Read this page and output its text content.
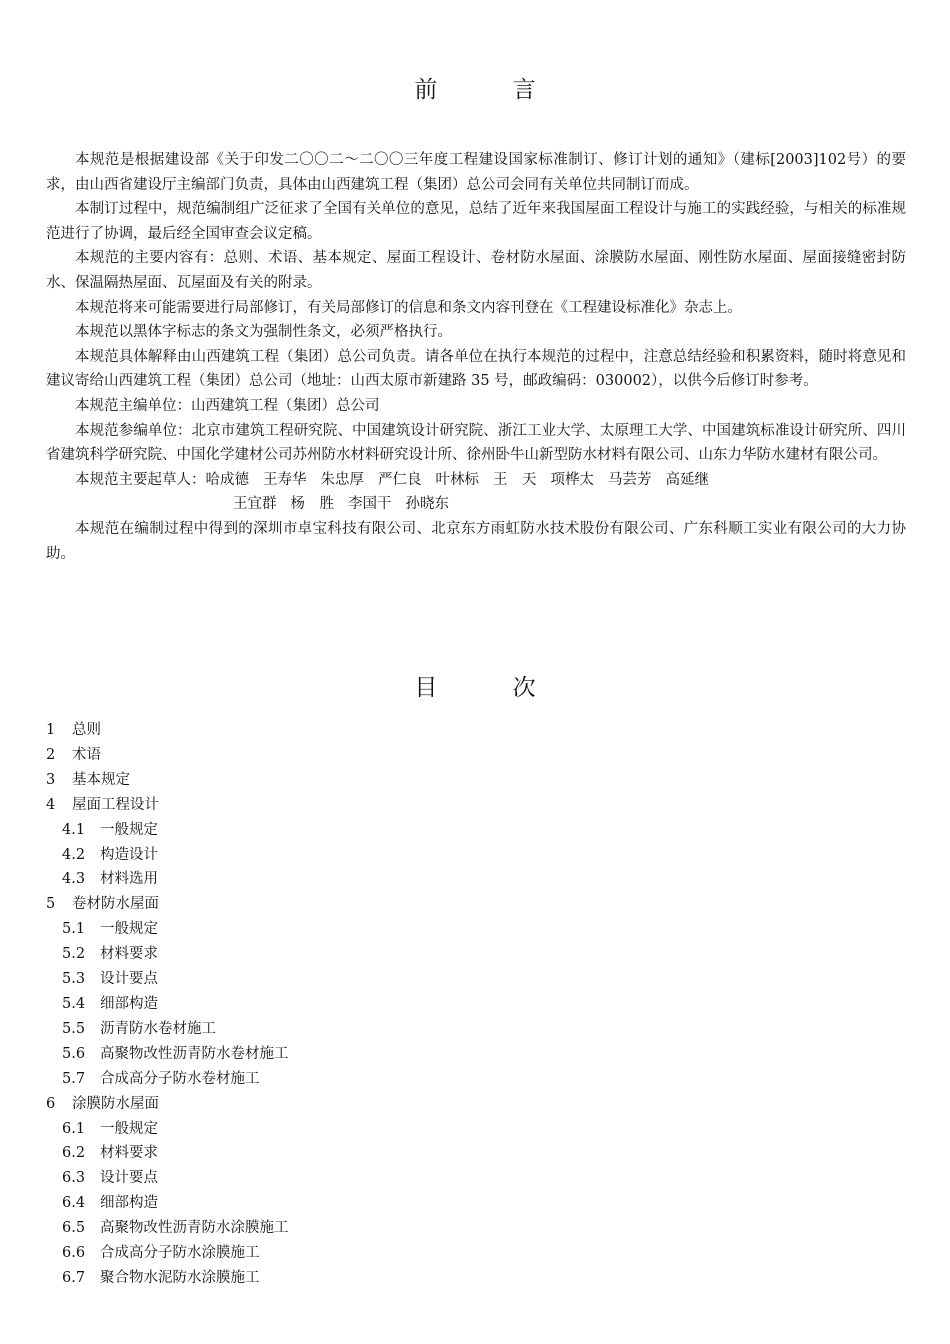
前 言

本规范是根据建设部《关于印发二〇〇二～二〇〇三年度工程建设国家标准制订、修订计划的通知》（建标[2003]102号）的要求，由山西省建设厅主编部门负责，具体由山西建筑工程（集团）总公司会同有关单位共同制订而成。

本制订过程中，规范编制组广泛征求了全国有关单位的意见，总结了近年来我国屋面工程设计与施工的实践经验，与相关的标准规范进行了协调，最后经全国审查会议定稿。

本规范的主要内容有：总则、术语、基本规定、屋面工程设计、卷材防水屋面、涂膜防水屋面、刚性防水屋面、屋面接缝密封防水、保温隔热屋面、瓦屋面及有关的附录。

本规范将来可能需要进行局部修订，有关局部修订的信息和条文内容刊登在《工程建设标准化》杂志上。

本规范以黑体字标志的条文为强制性条文，必须严格执行。

本规范具体解释由山西建筑工程（集团）总公司负责。请各单位在执行本规范的过程中，注意总结经验和积累资料，随时将意见和建议寄给山西建筑工程（集团）总公司（地址：山西太原市新建路 35 号，邮政编码：030002），以供今后修订时参考。

本规范主编单位：山西建筑工程（集团）总公司

本规范参编单位：北京市建筑工程研究院、中国建筑设计研究院、浙江工业大学、太原理工大学、中国建筑标准设计研究所、四川省建筑科学研究院、中国化学建材公司苏州防水材料研究设计所、徐州卧牛山新型防水材料有限公司、山东力华防水建材有限公司。

本规范主要起草人：哈成德 王寿华 朱忠厚 严仁良 叶林标 王　天 项桦太 马芸芳 高延继
王宜群 杨　胜 李国干 孙晓东

本规范在编制过程中得到的深圳市卓宝科技有限公司、北京东方雨虹防水技术股份有限公司、广东科顺工实业有限公司的大力协助。

目 次
1 总则
2 术语
3 基本规定
4 屋面工程设计
4.1 一般规定
4.2 构造设计
4.3 材料选用
5 卷材防水屋面
5.1 一般规定
5.2 材料要求
5.3 设计要点
5.4 细部构造
5.5 沥青防水卷材施工
5.6 高聚物改性沥青防水卷材施工
5.7 合成高分子防水卷材施工
6 涂膜防水屋面
6.1 一般规定
6.2 材料要求
6.3 设计要点
6.4 细部构造
6.5 高聚物改性沥青防水涂膜施工
6.6 合成高分子防水涂膜施工
6.7 聚合物水泥防水涂膜施工
